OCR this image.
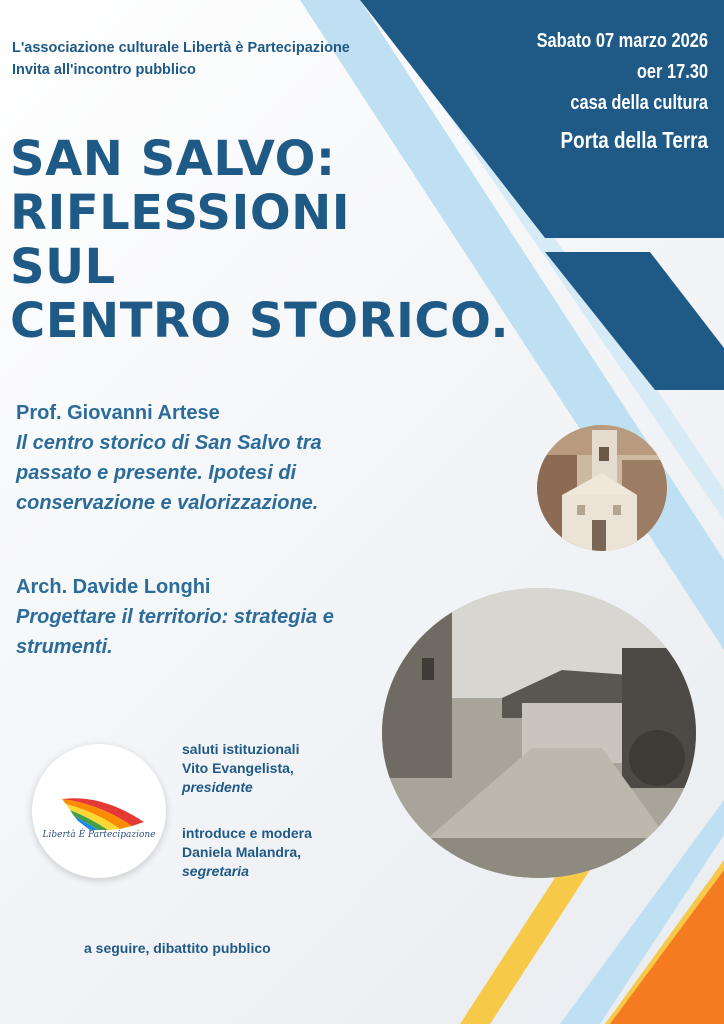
L'associazione culturale Libertà è Partecipazione
Invita all'incontro pubblico
Sabato 07 marzo 2026
oer 17.30
casa della cultura
Porta della Terra
SAN SALVO:
RIFLESSIONI
SUL
CENTRO STORICO.
Prof. Giovanni Artese
Il centro storico di San Salvo tra
passato e presente. Ipotesi di
conservazione e valorizzazione.
Arch. Davide Longhi
Progettare il territorio: strategia e
strumenti.
saluti istituzionali
Vito Evangelista,
presidente
introduce e modera
Daniela Malandra,
segretaria
Libertà È Partecipazione
a seguire, dibattito pubblico
